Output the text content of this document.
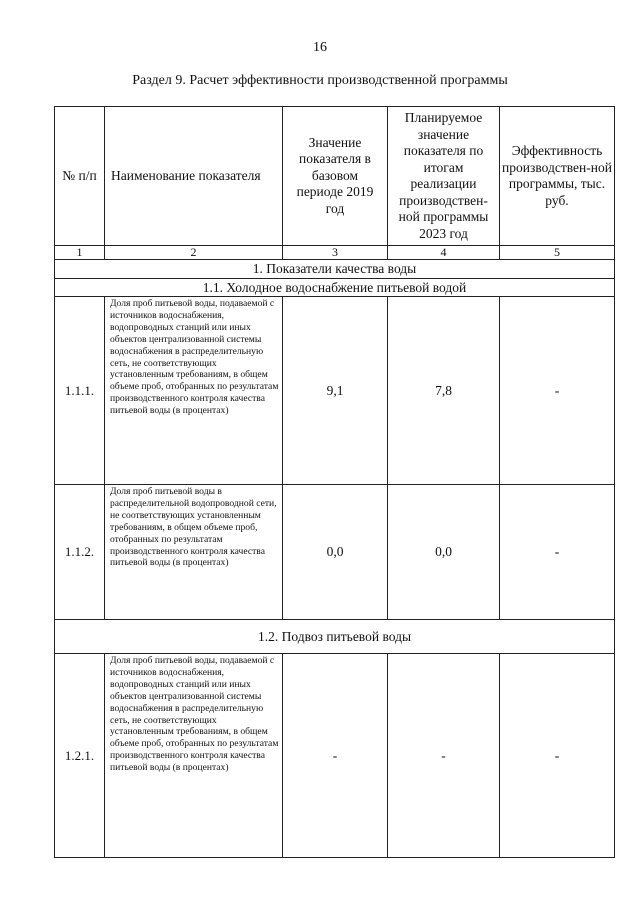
16
Раздел 9. Расчет эффективности производственной программы
№ п/п	Наименование показателя	Значение показателя в базовом периоде 2019 год	Планируемое значение показателя по итогам реализации производствен-ной программы 2023 год	Эффективность производствен-ной программы, тыс. руб.
1	2	3	4	5
1. Показатели качества воды				
1.1. Холодное водоснабжение питьевой водой				
1.1.1.	Доля проб питьевой воды, подаваемой с источников водоснабжения, водопроводных станций или иных объектов централизованной системы водоснабжения в распределительную сеть, не соответствующих установленным требованиям, в общем объеме проб, отобранных по результатам производственного контроля качества питьевой воды (в процентах)	9,1	7,8	-
1.1.2.	Доля проб питьевой воды в распределительной водопроводной сети, не соответствующих установленным требованиям, в общем объеме проб, отобранных по результатам производственного контроля качества питьевой воды (в процентах)	0,0	0,0	-
1.2. Подвоз питьевой воды				
1.2.1.	Доля проб питьевой воды, подаваемой с источников водоснабжения, водопроводных станций или иных объектов централизованной системы водоснабжения в распределительную сеть, не соответствующих установленным требованиям, в общем объеме проб, отобранных по результатам производственного контроля качества питьевой воды (в процентах)	-	-	-
